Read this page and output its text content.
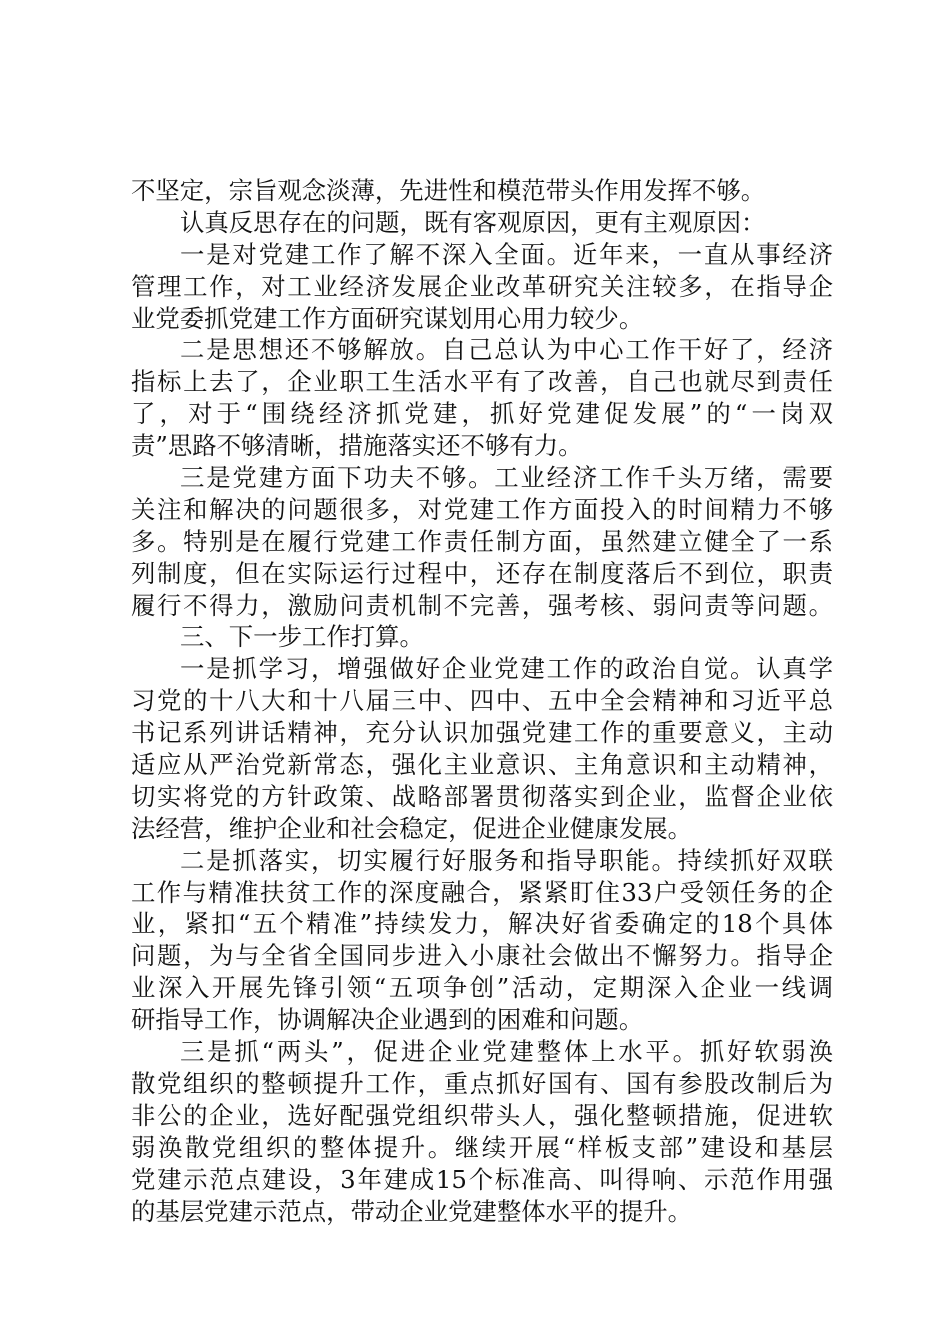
不坚定，宗旨观念淡薄，先进性和模范带头作用发挥不够。
认真反思存在的问题，既有客观原因，更有主观原因：
一是对党建工作了解不深入全面。近年来，一直从事经济
管理工作，对工业经济发展企业改革研究关注较多，在指导企
业党委抓党建工作方面研究谋划用心用力较少。
二是思想还不够解放。自己总认为中心工作干好了，经济
指标上去了，企业职工生活水平有了改善，自己也就尽到责任
了，对于“围绕经济抓党建，抓好党建促发展”的“一岗双
责”思路不够清晰，措施落实还不够有力。
三是党建方面下功夫不够。工业经济工作千头万绪，需要
关注和解决的问题很多，对党建工作方面投入的时间精力不够
多。特别是在履行党建工作责任制方面，虽然建立健全了一系
列制度，但在实际运行过程中，还存在制度落后不到位，职责
履行不得力，激励问责机制不完善，强考核、弱问责等问题。
三、下一步工作打算。
一是抓学习，增强做好企业党建工作的政治自觉。认真学
习党的十八大和十八届三中、四中、五中全会精神和习近平总
书记系列讲话精神，充分认识加强党建工作的重要意义，主动
适应从严治党新常态，强化主业意识、主角意识和主动精神，
切实将党的方针政策、战略部署贯彻落实到企业，监督企业依
法经营，维护企业和社会稳定，促进企业健康发展。
二是抓落实，切实履行好服务和指导职能。持续抓好双联
工作与精准扶贫工作的深度融合，紧紧盯住33户受领任务的企
业，紧扣“五个精准”持续发力，解决好省委确定的18个具体
问题，为与全省全国同步进入小康社会做出不懈努力。指导企
业深入开展先锋引领“五项争创”活动，定期深入企业一线调
研指导工作，协调解决企业遇到的困难和问题。
三是抓“两头”，促进企业党建整体上水平。抓好软弱涣
散党组织的整顿提升工作，重点抓好国有、国有参股改制后为
非公的企业，选好配强党组织带头人，强化整顿措施，促进软
弱涣散党组织的整体提升。继续开展“样板支部”建设和基层
党建示范点建设，3年建成15个标准高、叫得响、示范作用强
的基层党建示范点，带动企业党建整体水平的提升。
